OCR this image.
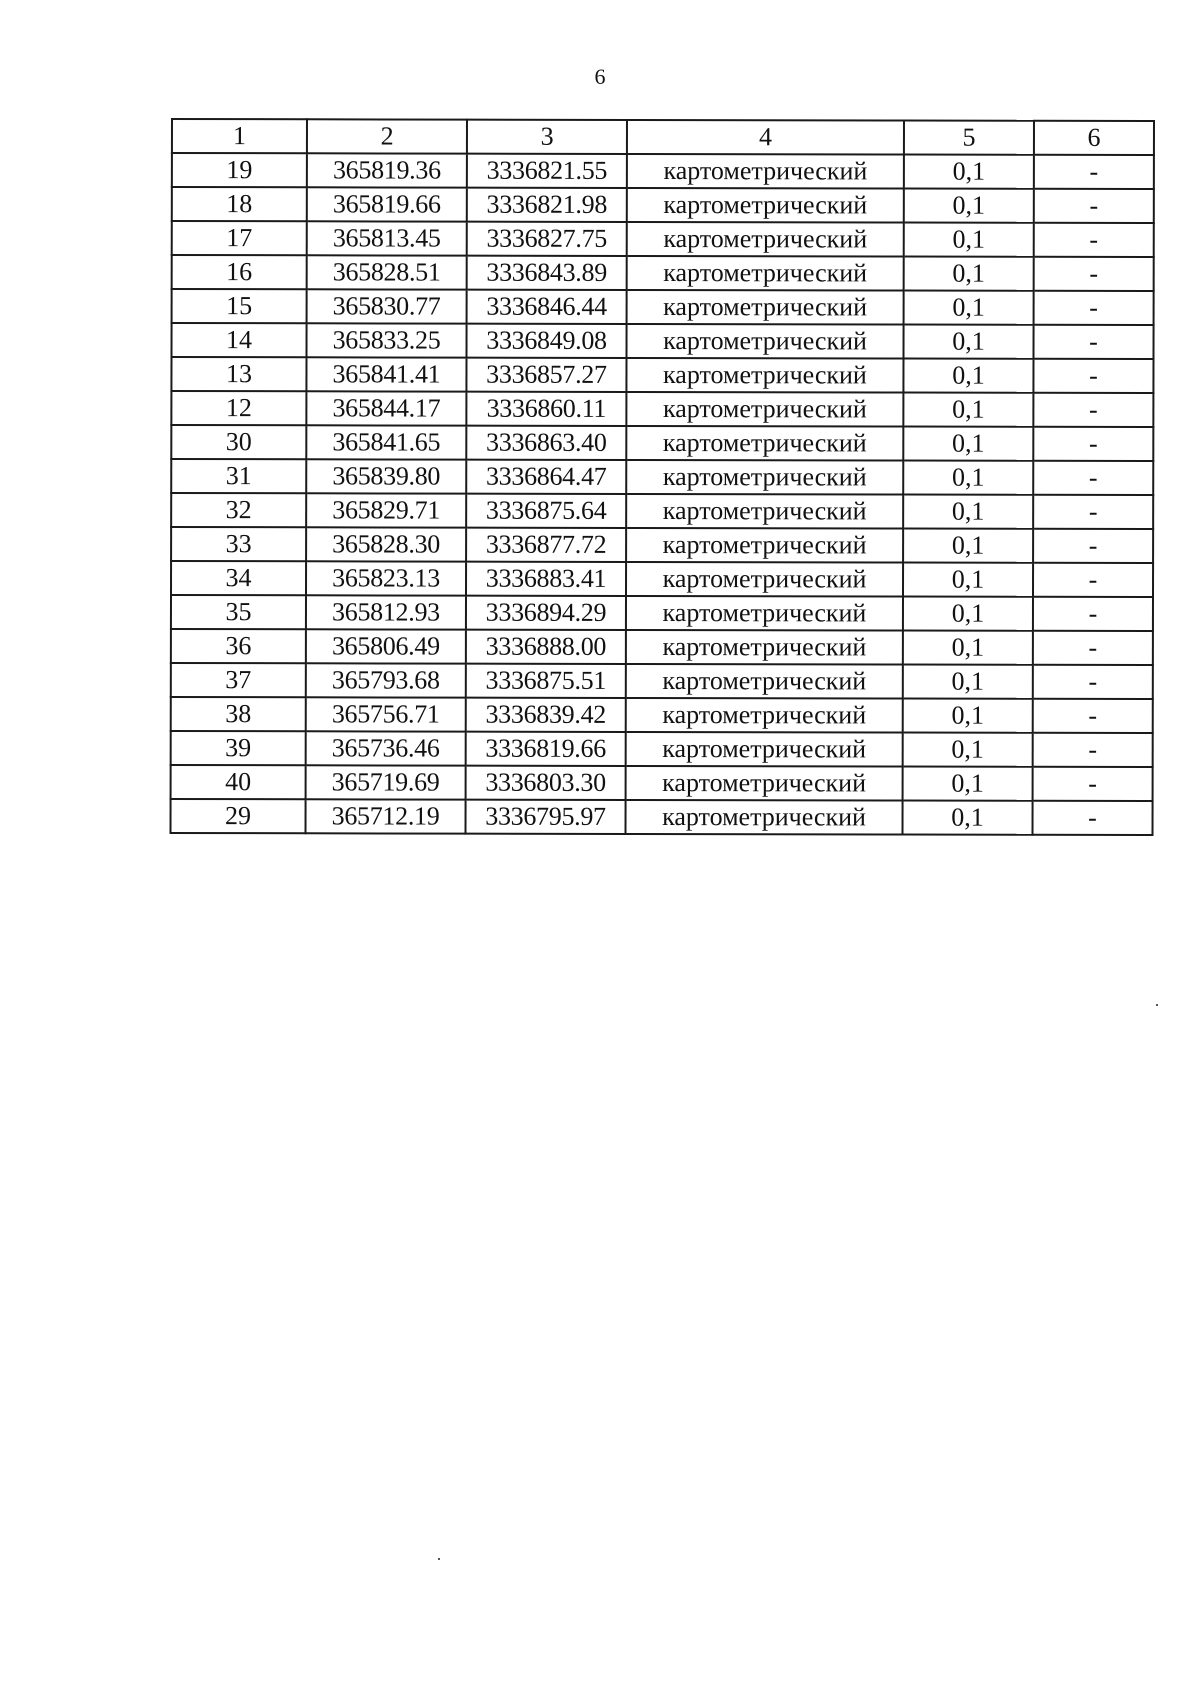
6
1	2	3	4	5	6
19	365819.36	3336821.55	картометрический	0,1	-
18	365819.66	3336821.98	картометрический	0,1	-
17	365813.45	3336827.75	картометрический	0,1	-
16	365828.51	3336843.89	картометрический	0,1	-
15	365830.77	3336846.44	картометрический	0,1	-
14	365833.25	3336849.08	картометрический	0,1	-
13	365841.41	3336857.27	картометрический	0,1	-
12	365844.17	3336860.11	картометрический	0,1	-
30	365841.65	3336863.40	картометрический	0,1	-
31	365839.80	3336864.47	картометрический	0,1	-
32	365829.71	3336875.64	картометрический	0,1	-
33	365828.30	3336877.72	картометрический	0,1	-
34	365823.13	3336883.41	картометрический	0,1	-
35	365812.93	3336894.29	картометрический	0,1	-
36	365806.49	3336888.00	картометрический	0,1	-
37	365793.68	3336875.51	картометрический	0,1	-
38	365756.71	3336839.42	картометрический	0,1	-
39	365736.46	3336819.66	картометрический	0,1	-
40	365719.69	3336803.30	картометрический	0,1	-
29	365712.19	3336795.97	картометрический	0,1	-
